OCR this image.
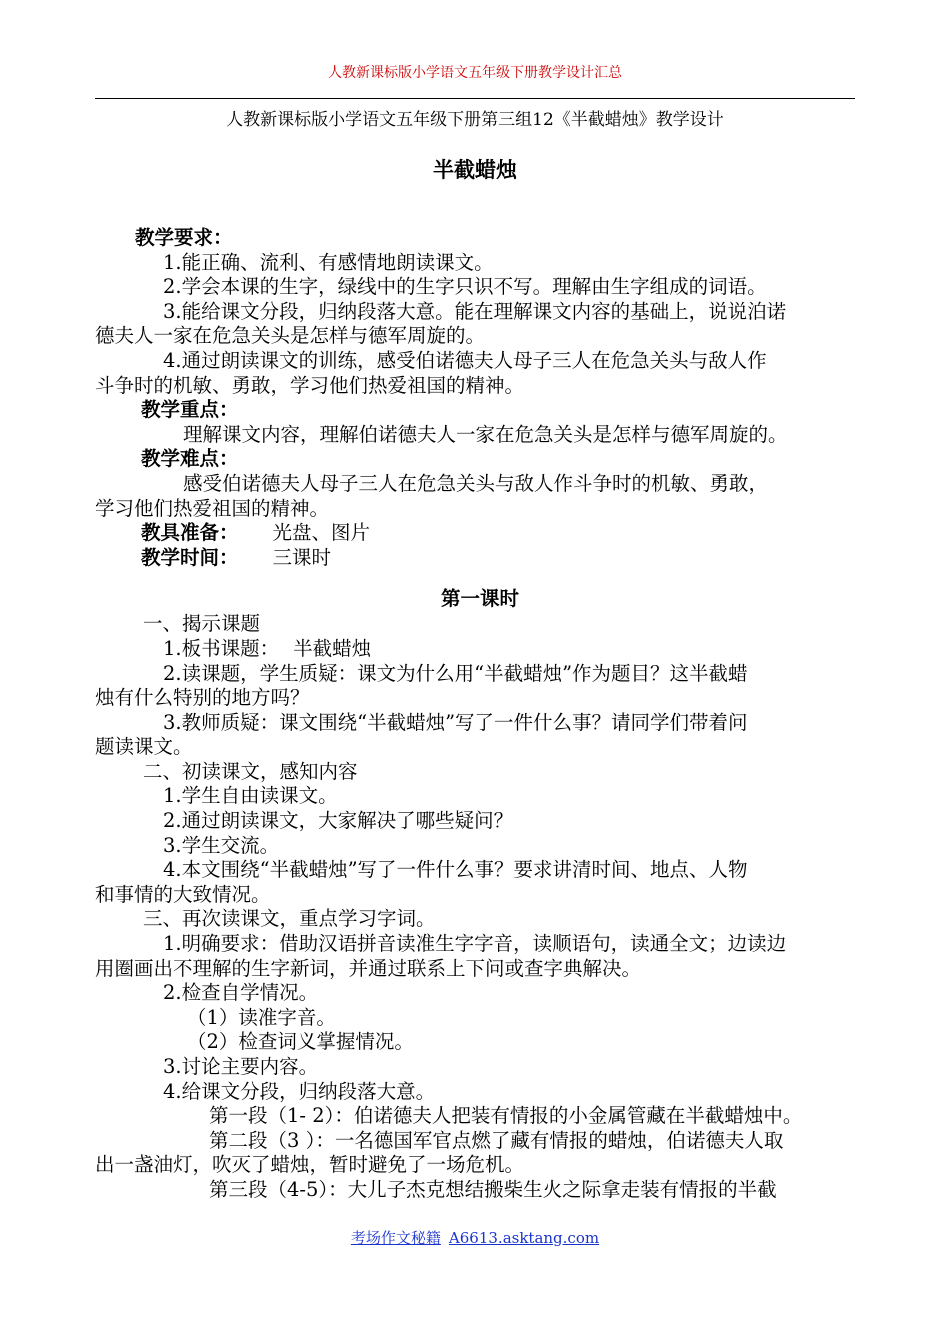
人教新课标版小学语文五年级下册教学设计汇总
人教新课标版小学语文五年级下册第三组12《半截蜡烛》教学设计
半截蜡烛
教学要求：
1.能正确、流利、有感情地朗读课文。
2.学会本课的生字，绿线中的生字只识不写。理解由生字组成的词语。
3.能给课文分段，归纳段落大意。能在理解课文内容的基础上，说说泊诺
德夫人一家在危急关头是怎样与德军周旋的。
4.通过朗读课文的训练，感受伯诺德夫人母子三人在危急关头与敌人作
斗争时的机敏、勇敢，学习他们热爱祖国的精神。
教学重点：
理解课文内容，理解伯诺德夫人一家在危急关头是怎样与德军周旋的。
教学难点：
感受伯诺德夫人母子三人在危急关头与敌人作斗争时的机敏、勇敢，
学习他们热爱祖国的精神。
教具准备： 光盘、图片
教学时间： 三课时
第一课时
一、揭示课题
1.板书课题： 半截蜡烛
2.读课题，学生质疑：课文为什么用“半截蜡烛”作为题目？这半截蜡
烛有什么特别的地方吗？
3.教师质疑：课文围绕“半截蜡烛”写了一件什么事？请同学们带着问
题读课文。
二、初读课文，感知内容
1.学生自由读课文。
2.通过朗读课文，大家解决了哪些疑问？
3.学生交流。
4.本文围绕“半截蜡烛”写了一件什么事？要求讲清时间、地点、人物
和事情的大致情况。
三、再次读课文，重点学习字词。
1.明确要求：借助汉语拼音读准生字字音，读顺语句，读通全文；边读边
用圈画出不理解的生字新词，并通过联系上下问或查字典解决。
2.检查自学情况。
（1）读准字音。
（2）检查词义掌握情况。
3.讨论主要内容。
4.给课文分段，归纳段落大意。
第一段（1- 2）：伯诺德夫人把装有情报的小金属管藏在半截蜡烛中。
第二段（3 ）：一名德国军官点燃了藏有情报的蜡烛，伯诺德夫人取
出一盏油灯，吹灭了蜡烛，暂时避免了一场危机。
第三段（4-5）：大儿子杰克想结搬柴生火之际拿走装有情报的半截
考场作文秘籍 A6613.asktang.com
